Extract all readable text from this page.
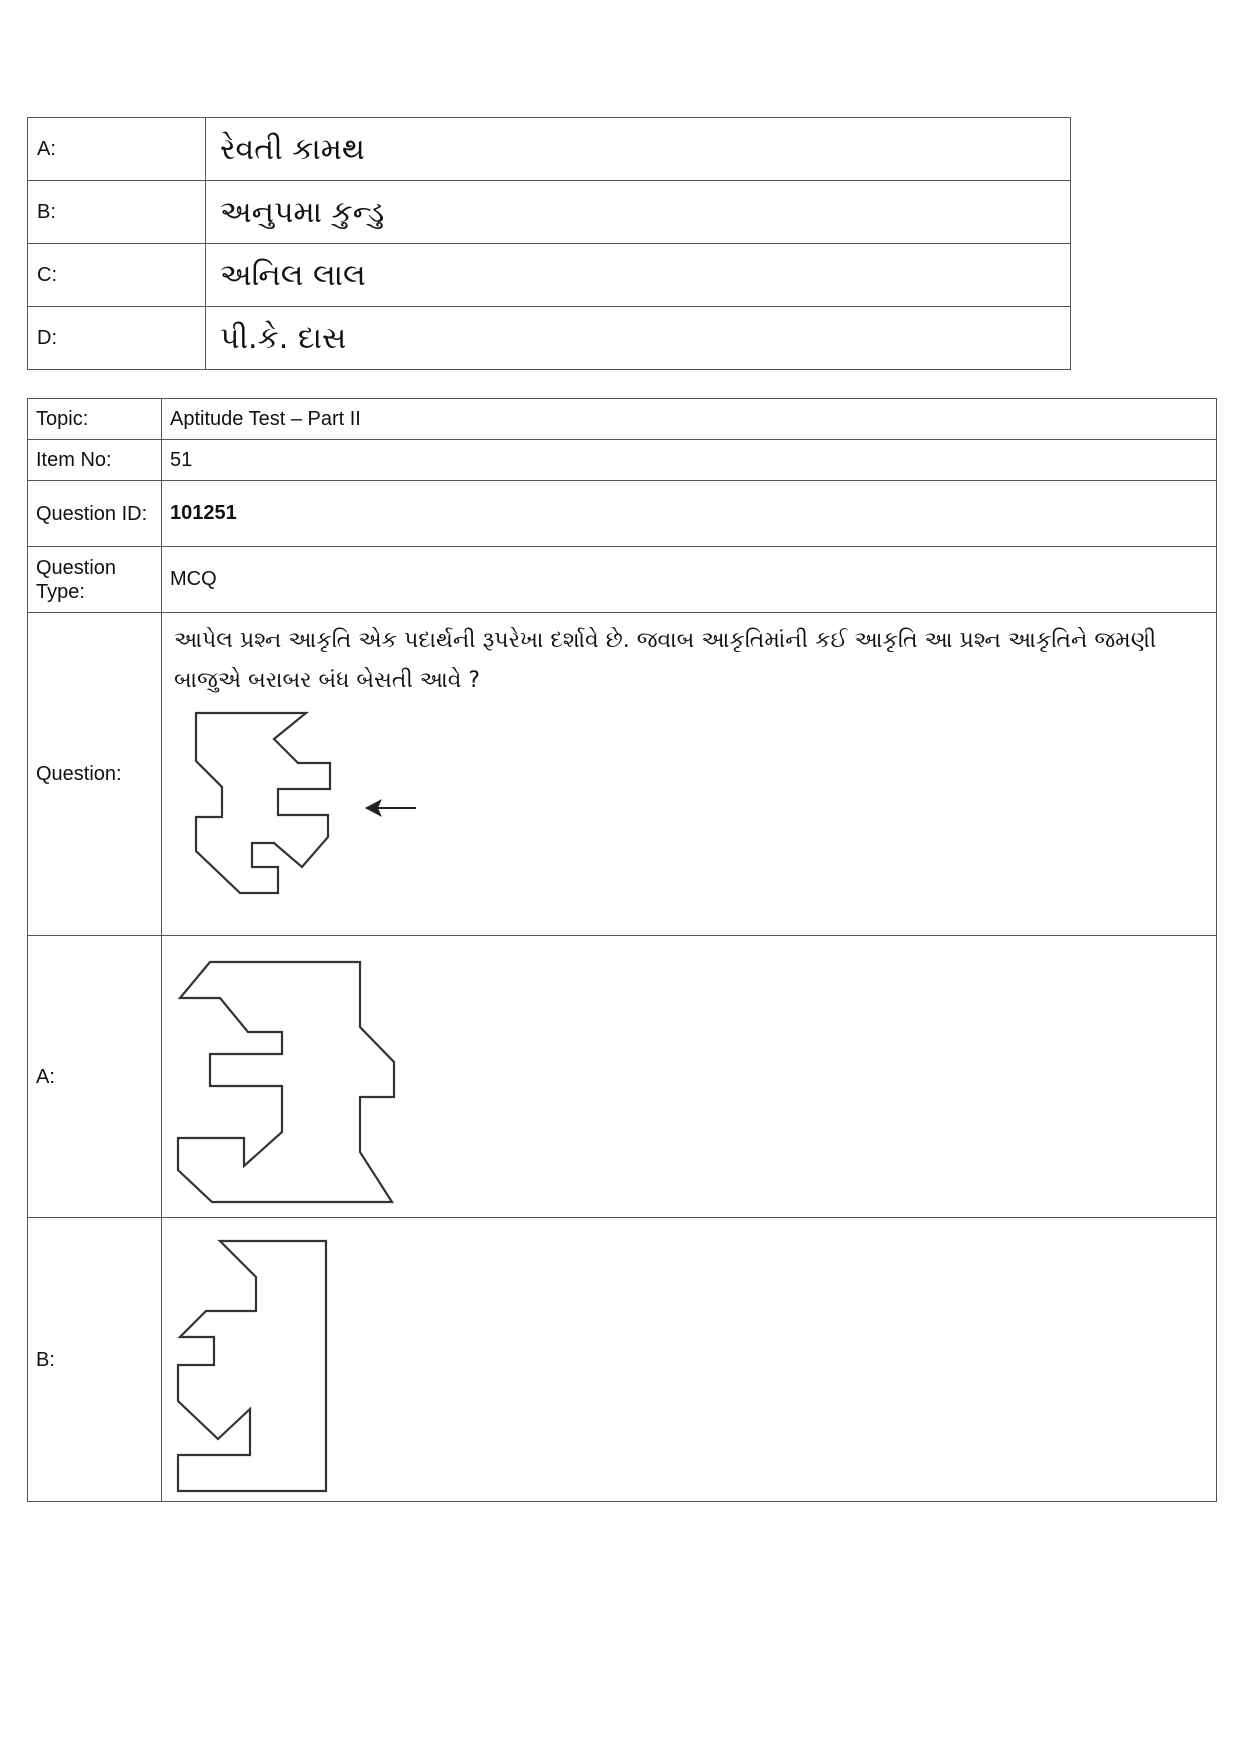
A:	રેવતી કામથ
B:	અનુપમા કુન્ડુ
C:	અનિલ લાલ
D:	પી.કે. દાસ
Topic:	Aptitude Test – Part II
Item No:	51
Question ID:	101251
Question Type:	MCQ
Question:	આપેલ પ્રશ્ન આકૃતિ એક પદાર્થની રૂપરેખા દર્શાવે છે. જવાબ આકૃતિમાંની કઈ આકૃતિ આ પ્રશ્ન આકૃતિને જમણી
બાજુએ બરાબર બંધ બેસતી આવે ?

A:	

B:	
